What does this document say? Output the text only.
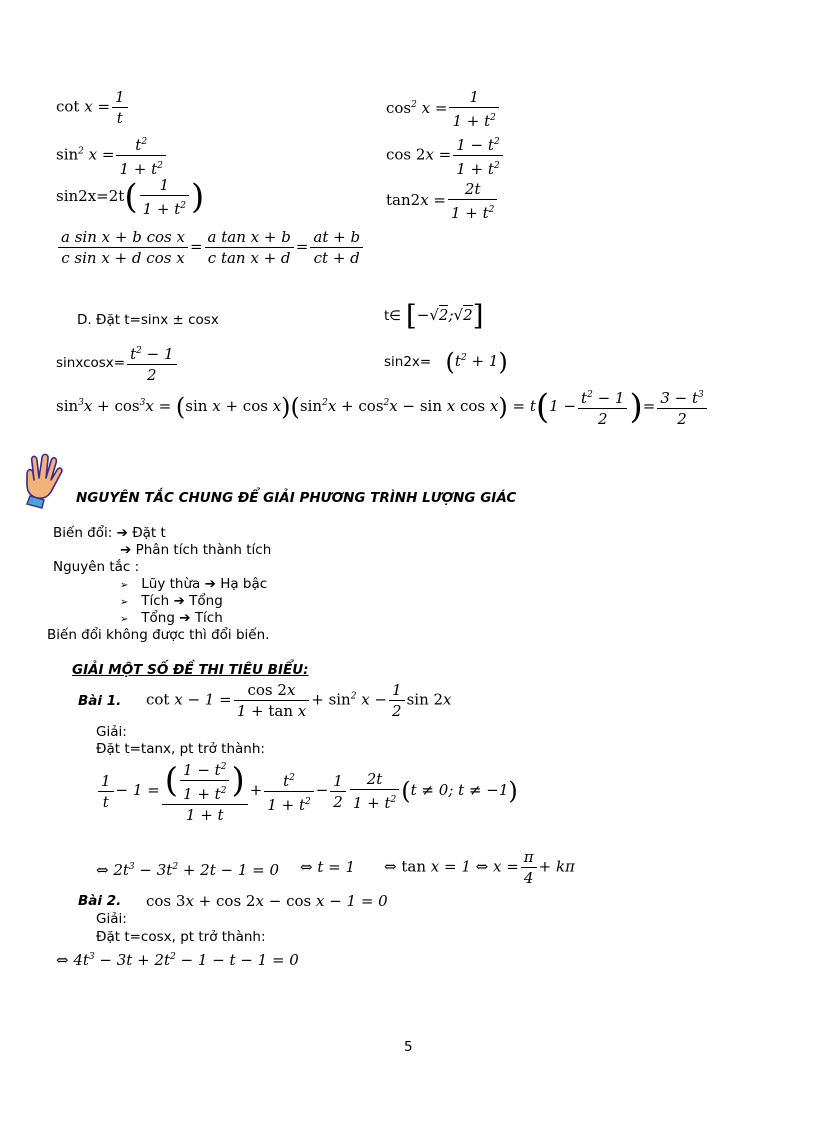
$\cot x = \frac{1}{t}$	$\cos^2 x = \frac{1}{1 + t^2}$
$\sin^2 x = \frac{t^2}{1 + t^2}$	$\cos 2x = \frac{1 - t^2}{1 + t^2}$
$\sin 2x=2t( \frac{1}{1 + t^2}$ )	$\tan 2x = \frac{2t}{1 + t^2}$
$\frac{\text{a sin x + b cos x}}{\text{c sin x + d cos x}} = \frac{\text{a tan x + b}}{\text{c tan x + d}} = \frac{at + b}{ct + d}$
D. Đặt t=sinx ± cosx	t∈ [−√2;√2]
sinxcosx= $\frac{t^2 - 1}{2}$	$\sin 2x= (t^2 + 1)$
$\sin^3x + \cos^3x = (\sin$ $x + \cos x)(\sin^2x + \cos^2x - \sin x$ $\cos x) = t(1 - \frac{t^2 - 1}{2}$ )= $\frac{3 - t^3}{2}$
NGUYÊN TẮC CHUNG ĐỂ GIẢI PHƯƠNG TRÌNH LƯỢNG GIÁC
Biến đổi: ➔ Đặt t
➔ Phân tích thành tích
Nguyên tắc :
➢ Lũy thừa ➔ Hạ bậc
➢ Tích ➔ Tổng
➢ Tổng ➔ Tích
Biến đổi không được thì đổi biến.
GIẢI MỘT SỐ ĐỀ THI TIÊU BIỂU:
Bài 1. $\cot x - 1 = \frac{\cos 2x}{\text{1 + tan x}} + \sin^2 x - \frac{1}{2}$ sin 2x
Giải:
Đặt t=tanx, pt trở thành:
$\frac{1}{t} - 1 = \frac{( \frac{1 - t^2}{1 + t^2} )}{1 + t} + \frac{t^2}{1 + t^2} - \frac{1}{2} \frac{2t}{1 + t^2} (t \ne 0$; t ≠ −1)
⇔ $2t^3 - 3t^2 + 2t - 1 = 0$ ⇔ t = 1 ⇔ tan x = 1 ⇔ $x = \frac{\pi}{4} + k\pi$
Bài 2. cos 3x + cos 2x − cos x − 1 = 0
Giải:
Đặt t=cosx, pt trở thành:
⇔ $4t^3 - 3t + 2t^2 - 1 - t - 1 = 0$
5
